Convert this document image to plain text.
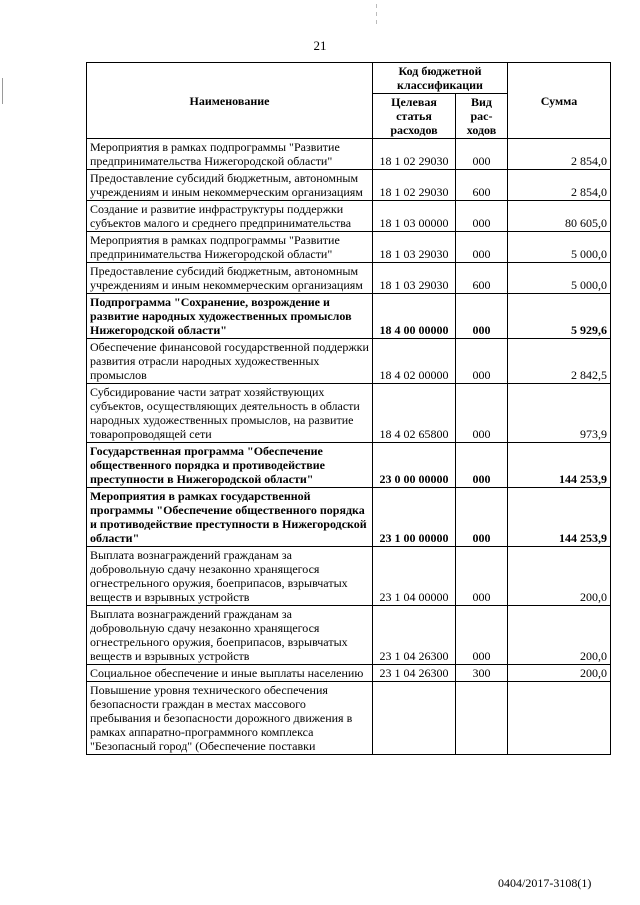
21
Наименование	Код бюджетной классификации		Сумма
	Целевая статья расходов	Вид рас-ходов	
Мероприятия в рамках подпрограммы "Развитие предпринимательства Нижегородской области"	18 1 02 29030	000	2 854,0
Предоставление субсидий бюджетным, автономным учреждениям и иным некоммерческим организациям	18 1 02 29030	600	2 854,0
Создание и развитие инфраструктуры поддержки субъектов малого и среднего предпринимательства	18 1 03 00000	000	80 605,0
Мероприятия в рамках подпрограммы "Развитие предпринимательства Нижегородской области"	18 1 03 29030	000	5 000,0
Предоставление субсидий бюджетным, автономным учреждениям и иным некоммерческим организациям	18 1 03 29030	600	5 000,0
Подпрограмма "Сохранение, возрождение и развитие народных художественных промыслов Нижегородской области"	18 4 00 00000	000	5 929,6
Обеспечение финансовой государственной поддержки развития отрасли народных художественных промыслов	18 4 02 00000	000	2 842,5
Субсидирование части затрат хозяйствующих субъектов, осуществляющих деятельность в области народных художественных промыслов, на развитие товаропроводящей сети	18 4 02 65800	000	973,9
Государственная программа "Обеспечение общественного порядка и противодействие преступности в Нижегородской области"	23 0 00 00000	000	144 253,9
Мероприятия в рамках государственной программы "Обеспечение общественного порядка и противодействие преступности в Нижегородской области"	23 1 00 00000	000	144 253,9
Выплата вознаграждений гражданам за добровольную сдачу незаконно хранящегося огнестрельного оружия, боеприпасов, взрывчатых веществ и взрывных устройств	23 1 04 00000	000	200,0
Выплата вознаграждений гражданам за добровольную сдачу незаконно хранящегося огнестрельного оружия, боеприпасов, взрывчатых веществ и взрывных устройств	23 1 04 26300	000	200,0
Социальное обеспечение и иные выплаты населению	23 1 04 26300	300	200,0
Повышение уровня технического обеспечения безопасности граждан в местах массового пребывания и безопасности дорожного движения в рамках аппаратно-программного комплекса "Безопасный город" (Обеспечение поставки			
0404/2017-3108(1)
